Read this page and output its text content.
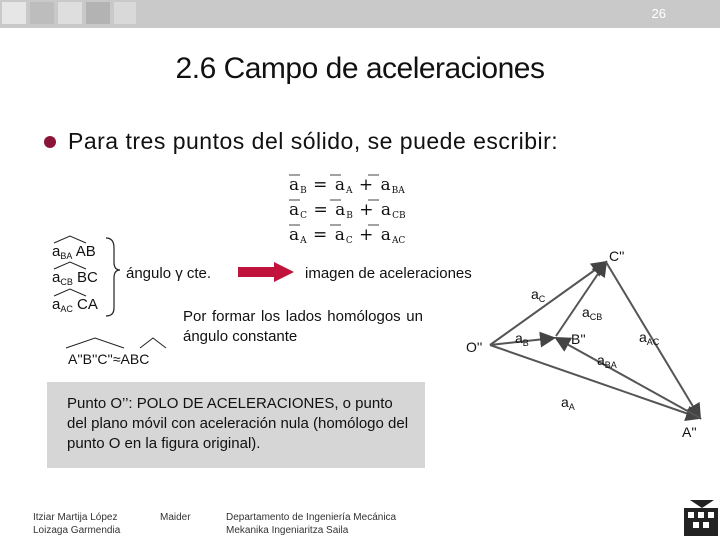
26
2.6 Campo de aceleraciones
Para tres puntos del sólido, se puede escribir:
$a_B = a_A + a_{BA}$
$a_C = a_B + a_{CB}$
$a_A = a_C + a_{AC}$
$a_{BA}$ AB
$a_{CB}$ BC
$a_{AC}$ CA
ángulo γ cte.
A''B''C''≈ABC
Por formar los lados homólogos un ángulo constante
imagen de aceleraciones
Punto O’’: POLO DE ACELERACIONES, o punto del plano móvil con aceleración nula (homólogo del punto O en la figura original).
C''
$a_C$
$a_{CB}$
O''
$a_B$	B''	$a_{AC}$
$a_{BA}$
$a_A$
A''
Itziar Martija López
Loizaga Garmendia
Maider	Departamento de Ingeniería Mecánica
Mekanika Ingeniaritza Saila
